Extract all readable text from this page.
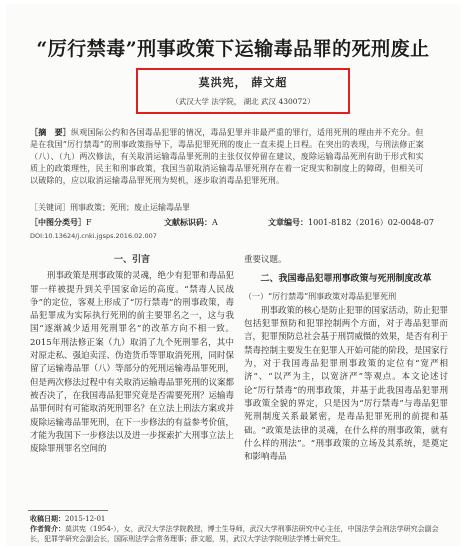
“厉行禁毒”刑事政策下运输毒品罪的死刑废止
莫洪宪， 薛文超
（武汉大学 法学院， 湖北 武汉 430072）
［摘　要］纵观国际公约和各国毒品犯罪的情况，毒品犯罪并非最严重的罪行，适用死刑的理由并不充分。但是在我国“厉行禁毒”的刑事政策指导下，毒品犯罪死刑的废止一直未提上日程。在突出的表现，与刑法修正案（八）、（九）两次修法，有关取消运输毒品罪死刑的主张仅仅停留在建议，废除运输毒品死刑有助于形式和实质上的政策理性，民主和刑事政策，我国当前取消运输毒品罪死刑存在着一定现实和制度上的障碍，但相关可以破除的，应以取消运输毒品罪死刑为契机，逐步取消毒品犯罪死刑。
［关键词］刑事政策；死刑；废止运输毒品罪
［中图分类号］F	文献标识码：A	文章编号：1001-8182（2016）02-0048-07
DOI:10.13624/j.cnki.jgsps.2016.02.007
一、引言

刑事政策是刑事政策的灵魂，绝少有犯罪和毒品犯罪一样被提升到关乎国家命运的高度。“禁毒人民战争”的定位，客观上形成了“厉行禁毒”的刑事政策，毒品犯罪成为实际执行死刑的前主要罪名之一，这与我国“逐渐减少适用死刑罪名”的改革方向不相一致。2015年刑法修正案（九）取消了九个死刑罪名，其中对原走私、强迫卖淫、伪造货币等罪取消死刑，同时保留了运输毒品罪（八）等部分的死刑运输毒品罪死刑，但是两次修法过程中有关取消运输毒品罪死刑的议案都被否决了，在我国毒品犯罪究竟是否需要死刑？运输毒品罪何时有可能取消死刑罪名？在立法上刑法方案或并废除运输毒品罪死刑，在下一步修法的有益参考价值，才能为我国下一步修法以及进一步探索扩大刑事立法上废除罪刑罪名空间的

重要议题。

二、我国毒品犯罪刑事政策与死刑制度改革
（一）“厉行禁毒”刑事政策对毒品犯罪死刑

刑事政策的核心是防止犯罪的国家活动，防止犯罪包括犯罪预防和犯罪控制两个方面，对于毒品犯罪而言，犯罪预防总社会基于刑罚威慑的效果，是否有利于禁毒控制主要发生在犯罪人开始可能的阶段，是国家行为，对于我国毒品犯罪刑事政策的定位有“宽严相济”、“以严为主，以宽济严”等观点。本文论述讨论“厉行禁毒”的刑事政策，并基于此我国毒品犯罪刑事政策全貌的界定，只是因为“厉行禁毒”与毒品犯罪死刑制度关系最紧密，是毒品犯罪死刑的前提和基础。“政策是法律的灵魂，在什么样的刑事政策，就有什么样的刑法”。“刑事政策的立场及其系统，是奠定和影响毒品

收稿日期：2015-12-01
作者简介：莫洪宪（1954-），女，武汉大学法学院教授，博士生导师，武汉大学刑事法研究中心主任，中国法学会刑法学研究会副会长，犯罪学研究会副会长，国际刑法学会常务理事；薛文超，男，武汉大学法学院刑法学博士研究生。
